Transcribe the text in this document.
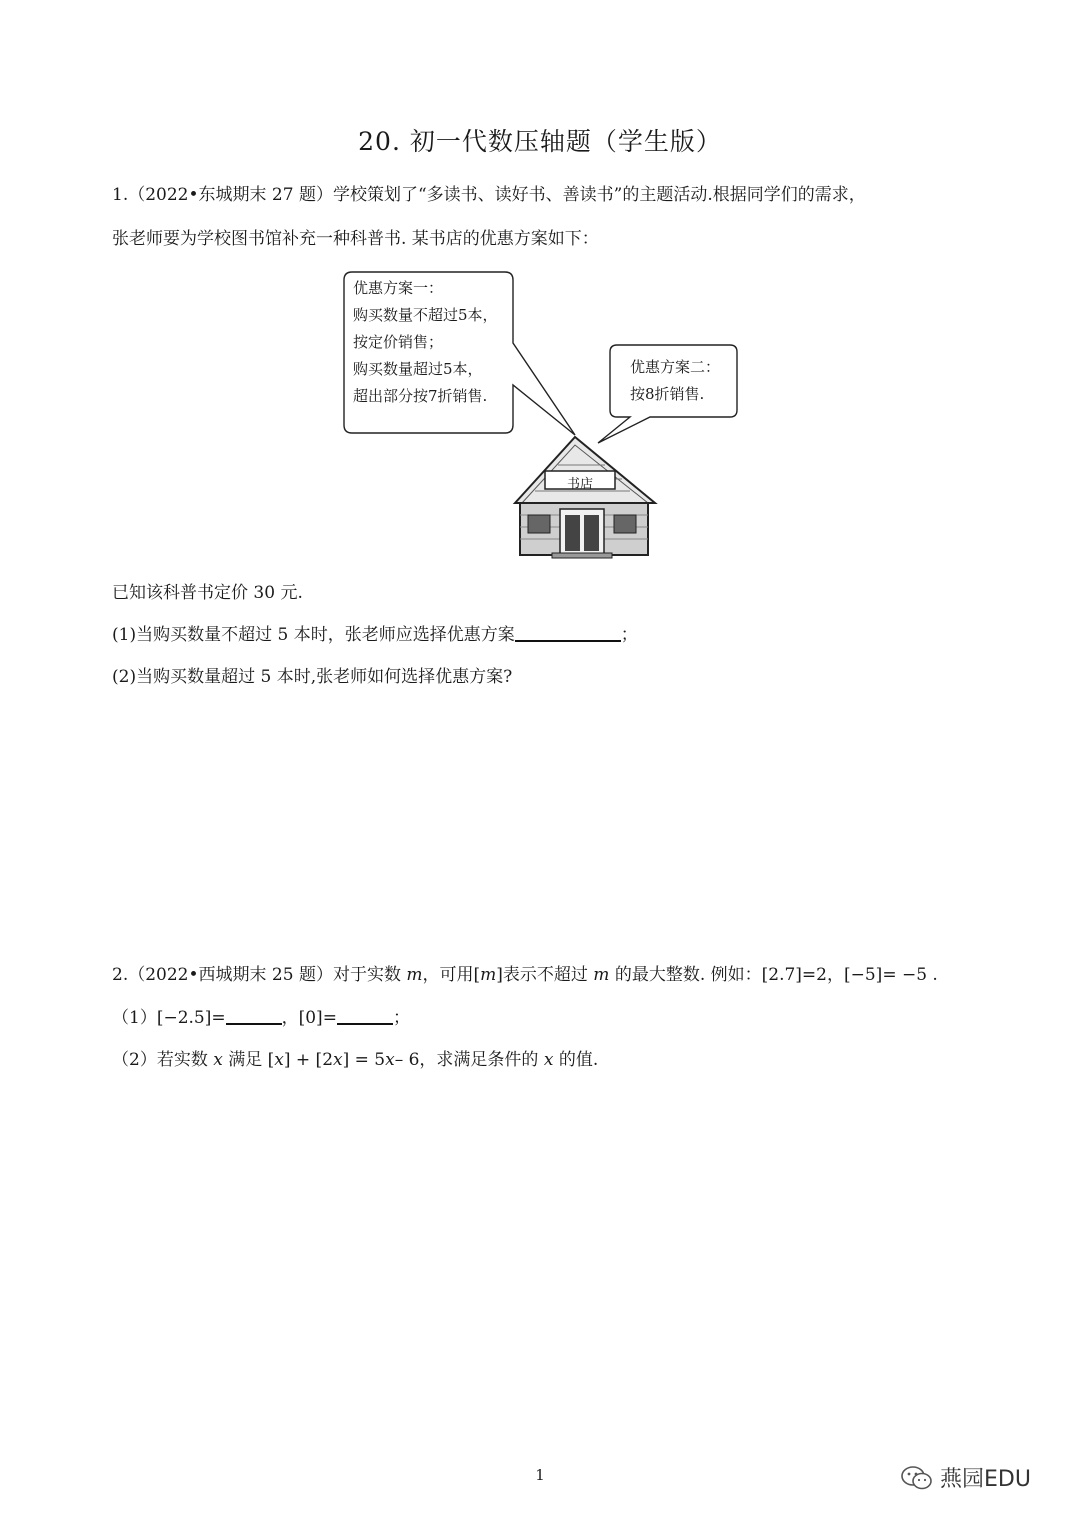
20. 初一代数压轴题（学生版）
1.（2022•东城期末 27 题）学校策划了“多读书、读好书、善读书”的主题活动.根据同学们的需求，
张老师要为学校图书馆补充一种科普书. 某书店的优惠方案如下：
优惠方案一：
购买数量不超过5本，
按定价销售；
购买数量超过5本，
超出部分按7折销售.
优惠方案二：
按8折销售.
书店
已知该科普书定价 30 元.
(1)当购买数量不超过 5 本时，张老师应选择优惠方案	；
(2)当购买数量超过 5 本时,张老师如何选择优惠方案?
2.（2022•西城期末 25 题）对于实数 m，可用[m]表示不超过 m 的最大整数. 例如：[2.7]=2，[−5]= −5 .
（1）[−2.5]=	，[0]=	；
（2）若实数 x 满足 [x] + [2x] = 5x– 6，求满足条件的 x 的值.
1	燕园EDU
